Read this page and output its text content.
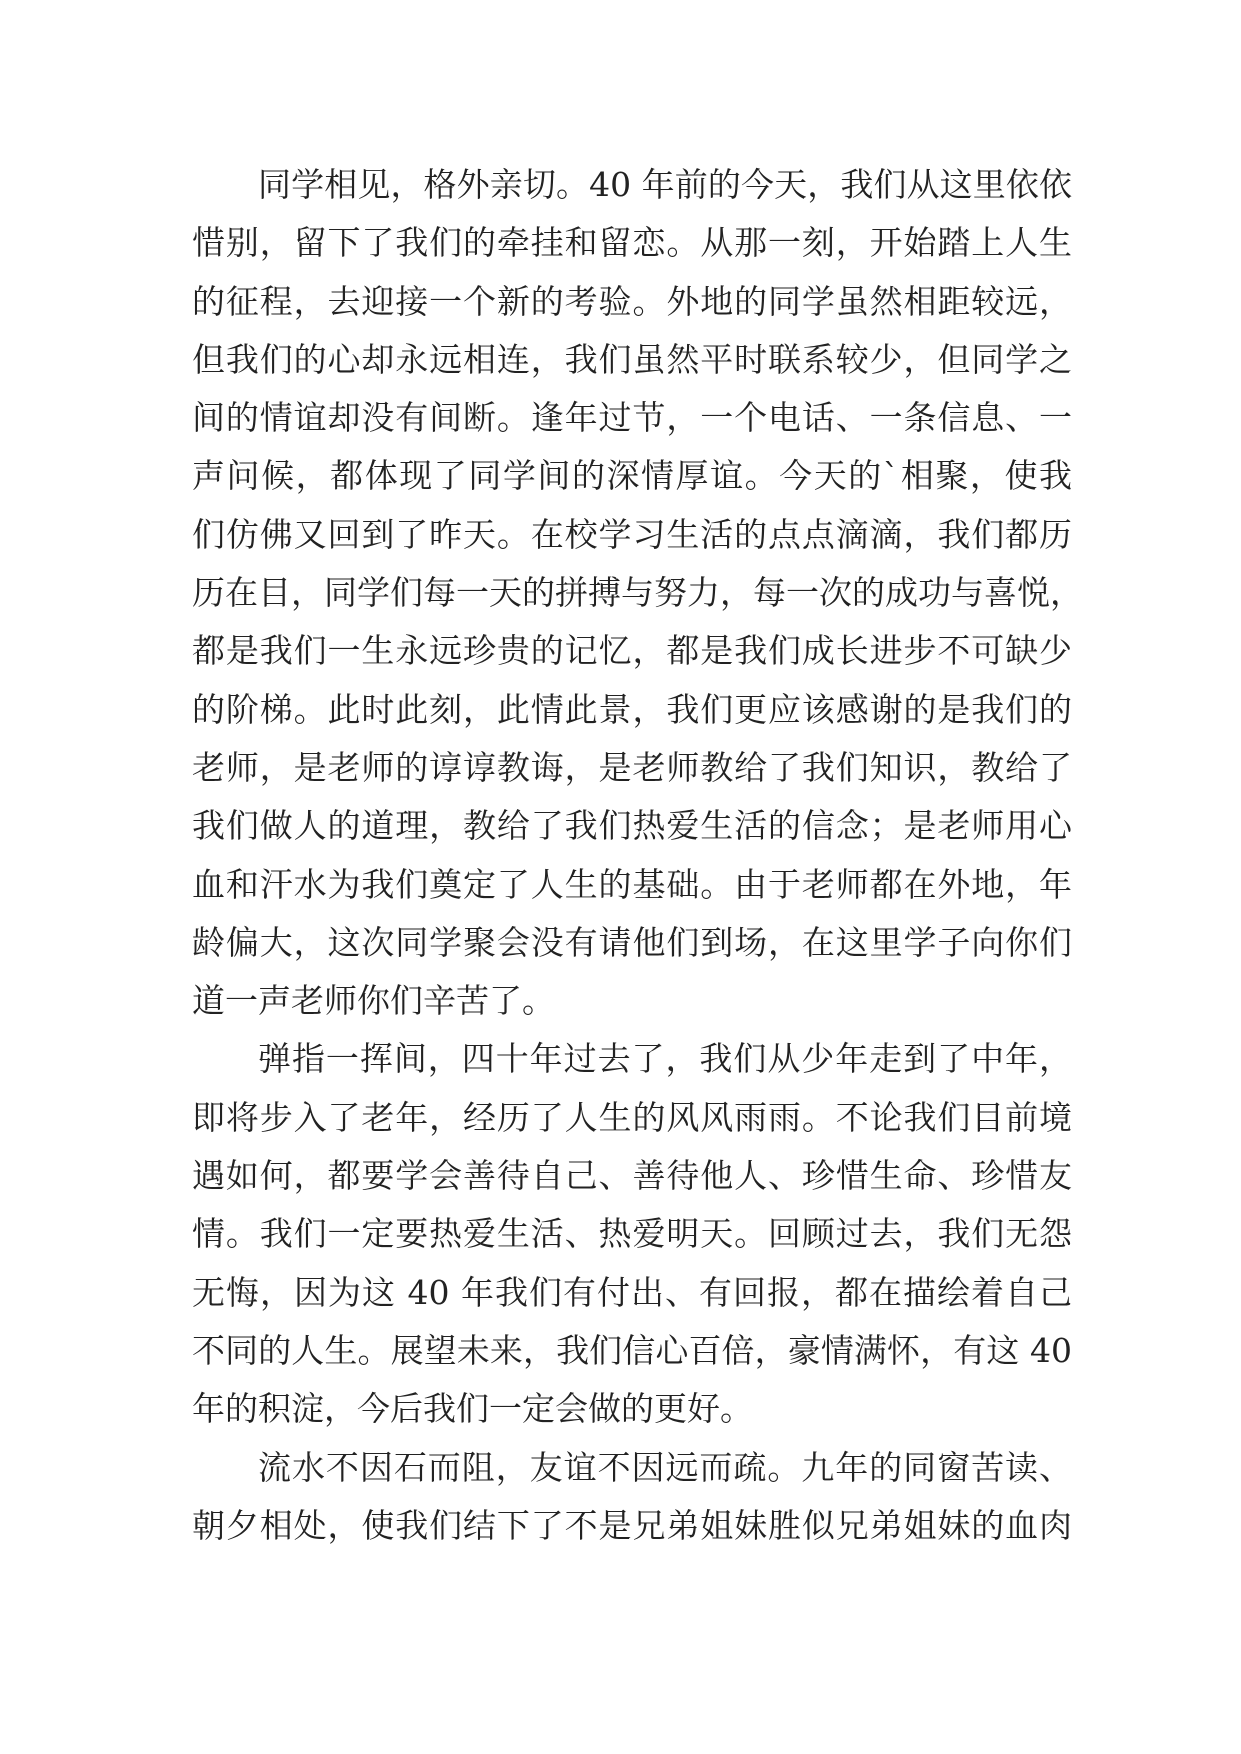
同学相见，格外亲切。40 年前的今天，我们从这里依依
惜别，留下了我们的牵挂和留恋。从那一刻，开始踏上人生
的征程，去迎接一个新的考验。外地的同学虽然相距较远，
但我们的心却永远相连，我们虽然平时联系较少，但同学之
间的情谊却没有间断。逢年过节，一个电话、一条信息、一
声问候，都体现了同学间的深情厚谊。今天的`相聚，使我
们仿佛又回到了昨天。在校学习生活的点点滴滴，我们都历
历在目，同学们每一天的拼搏与努力，每一次的成功与喜悦，
都是我们一生永远珍贵的记忆，都是我们成长进步不可缺少
的阶梯。此时此刻，此情此景，我们更应该感谢的是我们的
老师，是老师的谆谆教诲，是老师教给了我们知识，教给了
我们做人的道理，教给了我们热爱生活的信念；是老师用心
血和汗水为我们奠定了人生的基础。由于老师都在外地，年
龄偏大，这次同学聚会没有请他们到场，在这里学子向你们
道一声老师你们辛苦了。
弹指一挥间，四十年过去了，我们从少年走到了中年，
即将步入了老年，经历了人生的风风雨雨。不论我们目前境
遇如何，都要学会善待自己、善待他人、珍惜生命、珍惜友
情。我们一定要热爱生活、热爱明天。回顾过去，我们无怨
无悔，因为这 40 年我们有付出、有回报，都在描绘着自己
不同的人生。展望未来，我们信心百倍，豪情满怀，有这 40
年的积淀，今后我们一定会做的更好。
流水不因石而阻，友谊不因远而疏。九年的同窗苦读、
朝夕相处，使我们结下了不是兄弟姐妹胜似兄弟姐妹的血肉
